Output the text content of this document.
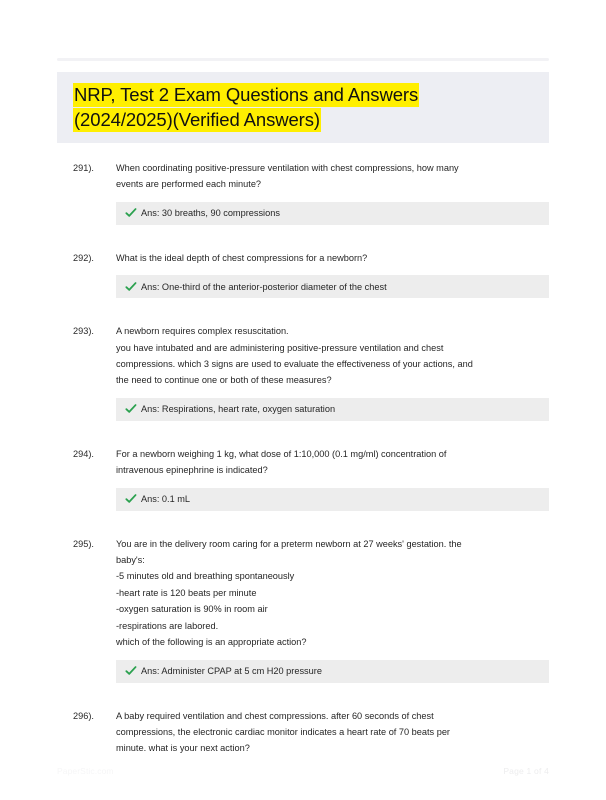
NRP, Test 2 Exam Questions and Answers
(2024/2025)(Verified Answers)
291).	When coordinating positive-pressure ventilation with chest compressions, how many
events are performed each minute?
Ans: 30 breaths, 90 compressions
292).	What is the ideal depth of chest compressions for a newborn?
Ans: One-third of the anterior-posterior diameter of the chest
293).	A newborn requires complex resuscitation.
you have intubated and are administering positive-pressure ventilation and chest
compressions. which 3 signs are used to evaluate the effectiveness of your actions, and
the need to continue one or both of these measures?
Ans: Respirations, heart rate, oxygen saturation
294).	For a newborn weighing 1 kg, what dose of 1:10,000 (0.1 mg/ml) concentration of
intravenous epinephrine is indicated?
Ans: 0.1 mL
295).	You are in the delivery room caring for a preterm newborn at 27 weeks' gestation. the
baby's:
-5 minutes old and breathing spontaneously
-heart rate is 120 beats per minute
-oxygen saturation is 90% in room air
-respirations are labored.
which of the following is an appropriate action?
Ans: Administer CPAP at 5 cm H20 pressure
296).	A baby required ventilation and chest compressions. after 60 seconds of chest
compressions, the electronic cardiac monitor indicates a heart rate of 70 beats per
minute. what is your next action?
PaperStic.com	Page 1 of 4
